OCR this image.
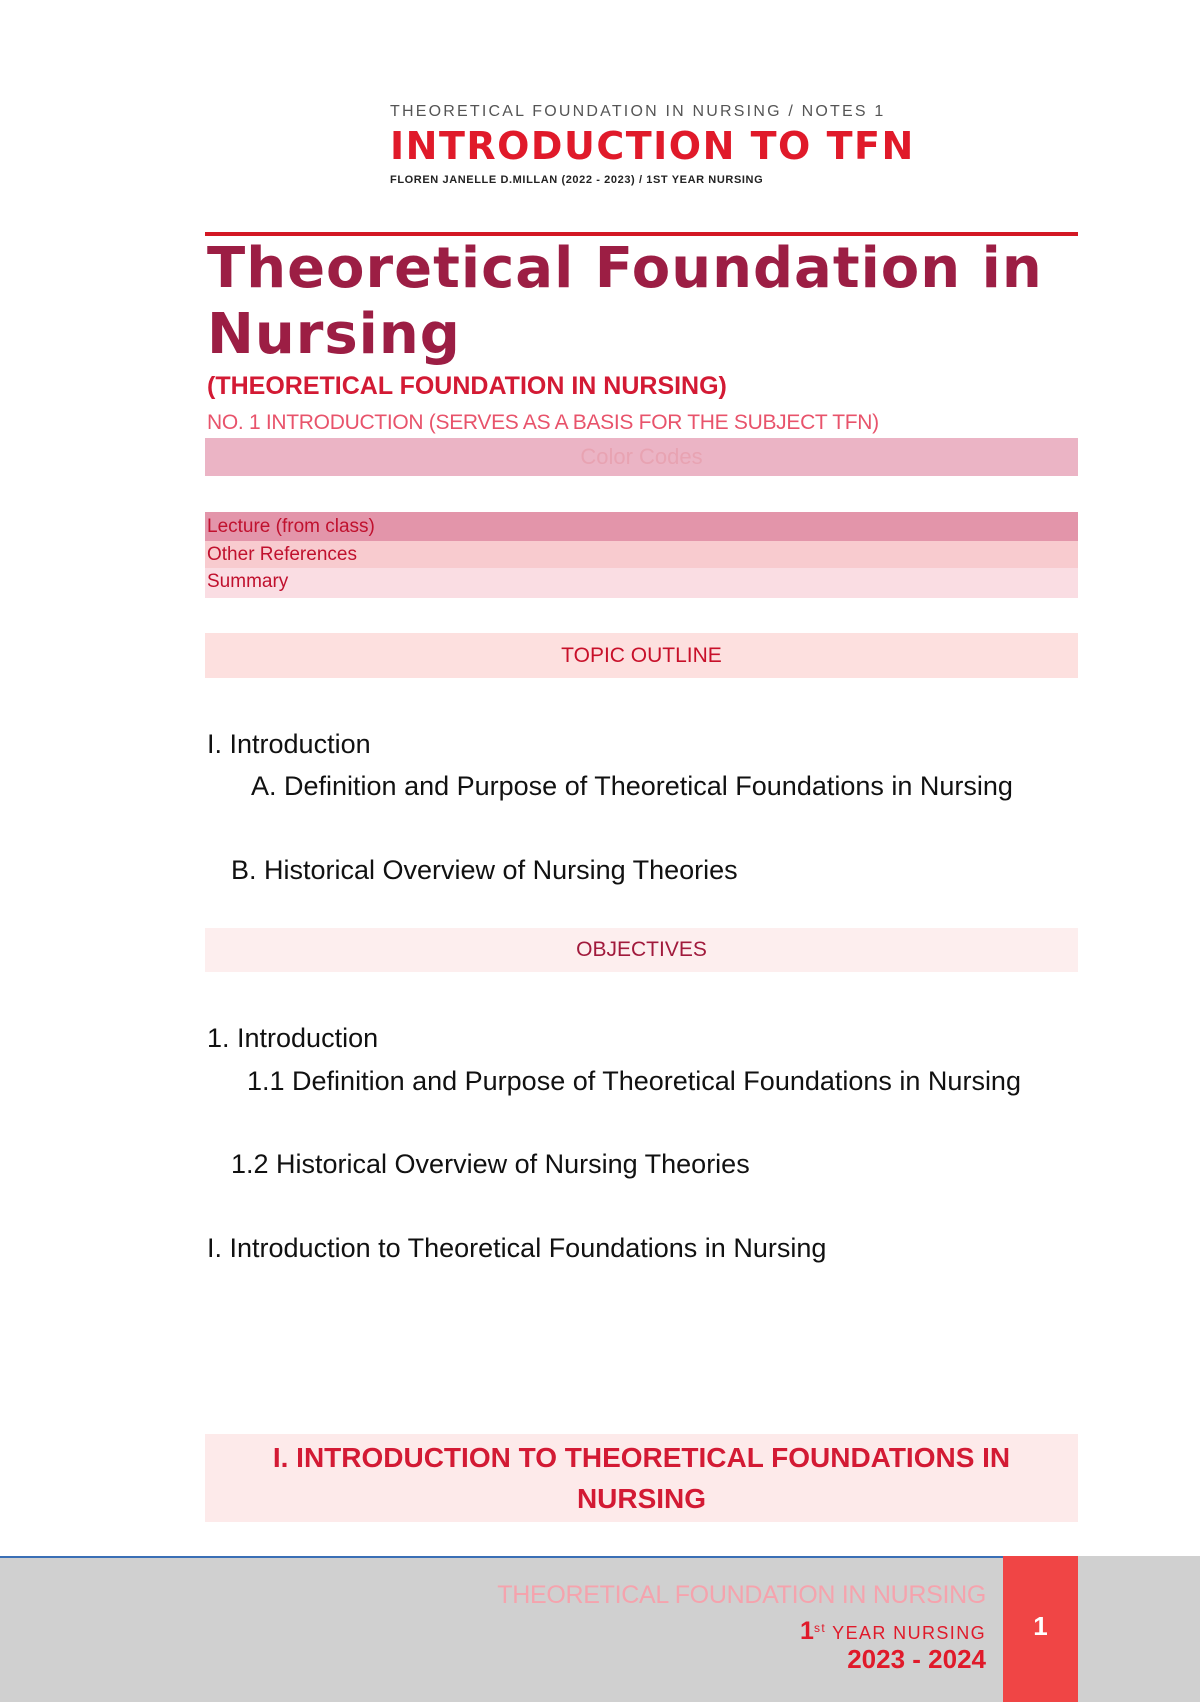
THEORETICAL FOUNDATION IN NURSING / NOTES 1
INTRODUCTION TO TFN
FLOREN JANELLE D.MILLAN (2022 - 2023) / 1ST YEAR NURSING
Theoretical Foundation in Nursing
(THEORETICAL FOUNDATION IN NURSING)
NO. 1 INTRODUCTION (SERVES AS A BASIS FOR THE SUBJECT TFN)
Color Codes
Lecture (from class)
Other References
Summary
TOPIC OUTLINE
I. Introduction
A. Definition and Purpose of Theoretical Foundations in Nursing
B. Historical Overview of Nursing Theories
OBJECTIVES
1. Introduction
1.1 Definition and Purpose of Theoretical Foundations in Nursing
1.2 Historical Overview of Nursing Theories
I. Introduction to Theoretical Foundations in Nursing
I. INTRODUCTION TO THEORETICAL FOUNDATIONS IN NURSING
THEORETICAL FOUNDATION IN NURSING
1st YEAR NURSING
2023 - 2024
1
